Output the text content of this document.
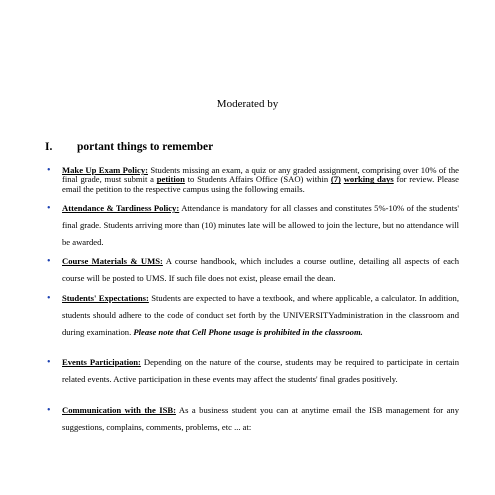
Moderated by
I. portant things to remember
• Make Up Exam Policy: Students missing an exam, a quiz or any graded assignment, comprising over 10% of the final grade, must submit a petition to Students Affairs Office (SAO) within (7) working days for review. Please email the petition to the respective campus using the following emails.
• Attendance & Tardiness Policy: Attendance is mandatory for all classes and constitutes 5%-10% of the students' final grade. Students arriving more than (10) minutes late will be allowed to join the lecture, but no attendance will be awarded.
• Course Materials & UMS: A course handbook, which includes a course outline, detailing all aspects of each course will be posted to UMS. If such file does not exist, please email the dean.
• Students' Expectations: Students are expected to have a textbook, and where applicable, a calculator. In addition, students should adhere to the code of conduct set forth by the UNIVERSITYadministration in the classroom and during examination. Please note that Cell Phone usage is prohibited in the classroom.
• Events Participation: Depending on the nature of the course, students may be required to participate in certain related events. Active participation in these events may affect the students' final grades positively.
• Communication with the ISB: As a business student you can at anytime email the ISB management for any suggestions, complains, comments, problems, etc ... at:
